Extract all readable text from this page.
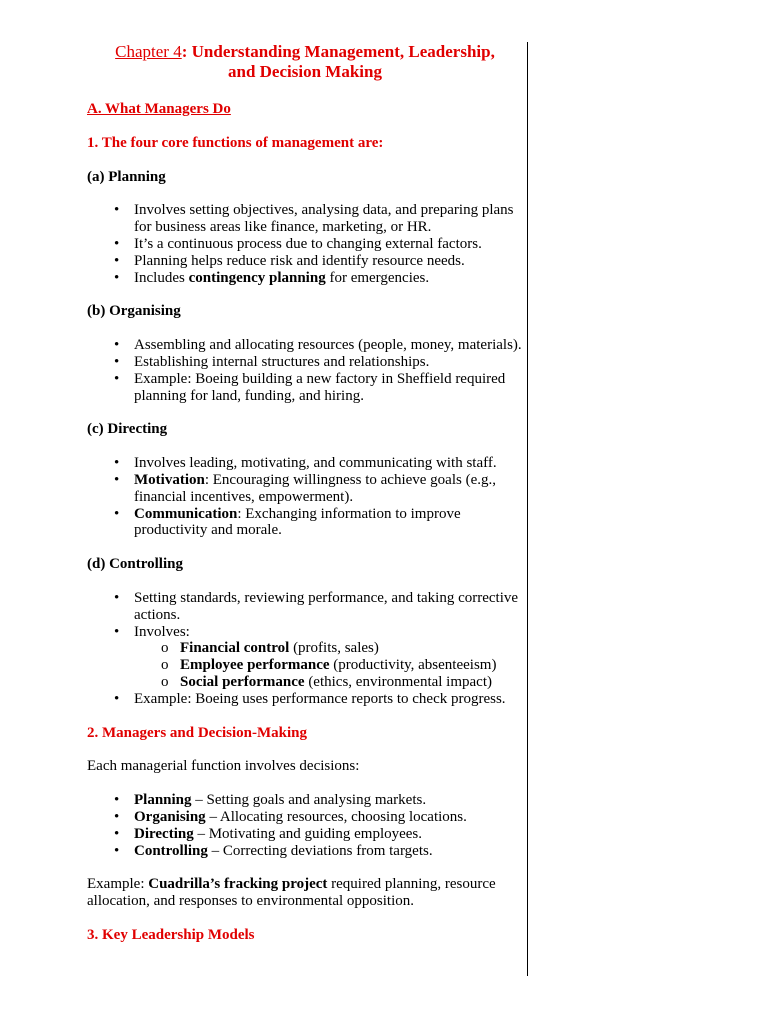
Chapter 4: Understanding Management, Leadership,
and Decision Making

A. What Managers Do

1. The four core functions of management are:

(a) Planning

• Involves setting objectives, analysing data, and preparing plans for business areas like finance, marketing, or HR.
• It’s a continuous process due to changing external factors.
• Planning helps reduce risk and identify resource needs.
• Includes contingency planning for emergencies.

(b) Organising

• Assembling and allocating resources (people, money, materials).
• Establishing internal structures and relationships.
• Example: Boeing building a new factory in Sheffield required planning for land, funding, and hiring.

(c) Directing

• Involves leading, motivating, and communicating with staff.
• Motivation: Encouraging willingness to achieve goals (e.g., financial incentives, empowerment).
• Communication: Exchanging information to improve productivity and morale.

(d) Controlling

• Setting standards, reviewing performance, and taking corrective actions.
• Involves:
o Financial control (profits, sales)
o Employee performance (productivity, absenteeism)
o Social performance (ethics, environmental impact)
• Example: Boeing uses performance reports to check progress.

2. Managers and Decision-Making

Each managerial function involves decisions:

• Planning – Setting goals and analysing markets.
• Organising – Allocating resources, choosing locations.
• Directing – Motivating and guiding employees.
• Controlling – Correcting deviations from targets.

Example: Cuadrilla’s fracking project required planning, resource allocation, and responses to environmental opposition.

3. Key Leadership Models
